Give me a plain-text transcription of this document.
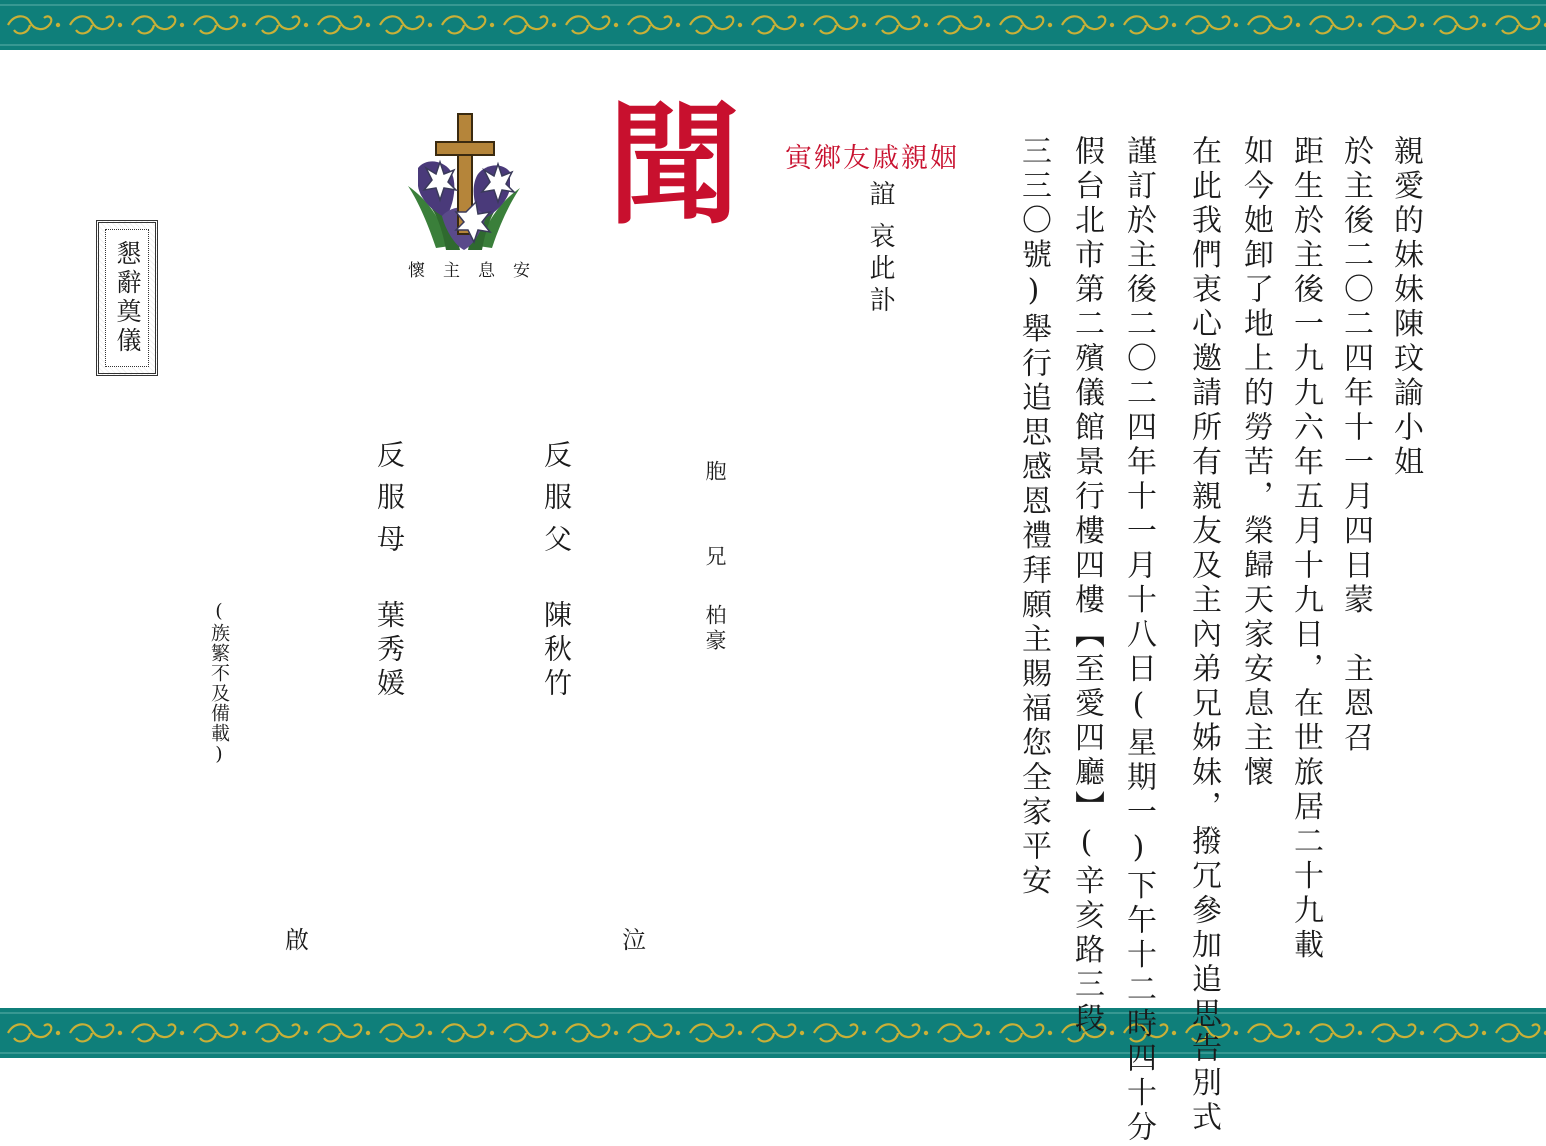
親愛的妹妹陳玟諭小姐
於主後二〇二四年十一月四日蒙　主恩召
距生於主後一九九六年五月十九日，在世旅居二十九載
如今她卸了地上的勞苦，榮歸天家安息主懷
在此我們衷心邀請所有親友及主內弟兄姊妹，撥冗參加追思告別式
謹訂於主後二〇二四年十一月十八日(星期一)下午十二時四十分
假台北市第二殯儀館景行樓四樓【至愛四廳】(辛亥路三段
三三〇號)舉行追思感恩禮拜願主賜福您全家平安
姻親戚友鄉寅
誼
哀此訃
聞
安息主懷
懇辭奠儀
胞
兄
柏豪
反服父
陳秋竹
反服母
葉秀媛
(族繁不及備載)
泣
啟
